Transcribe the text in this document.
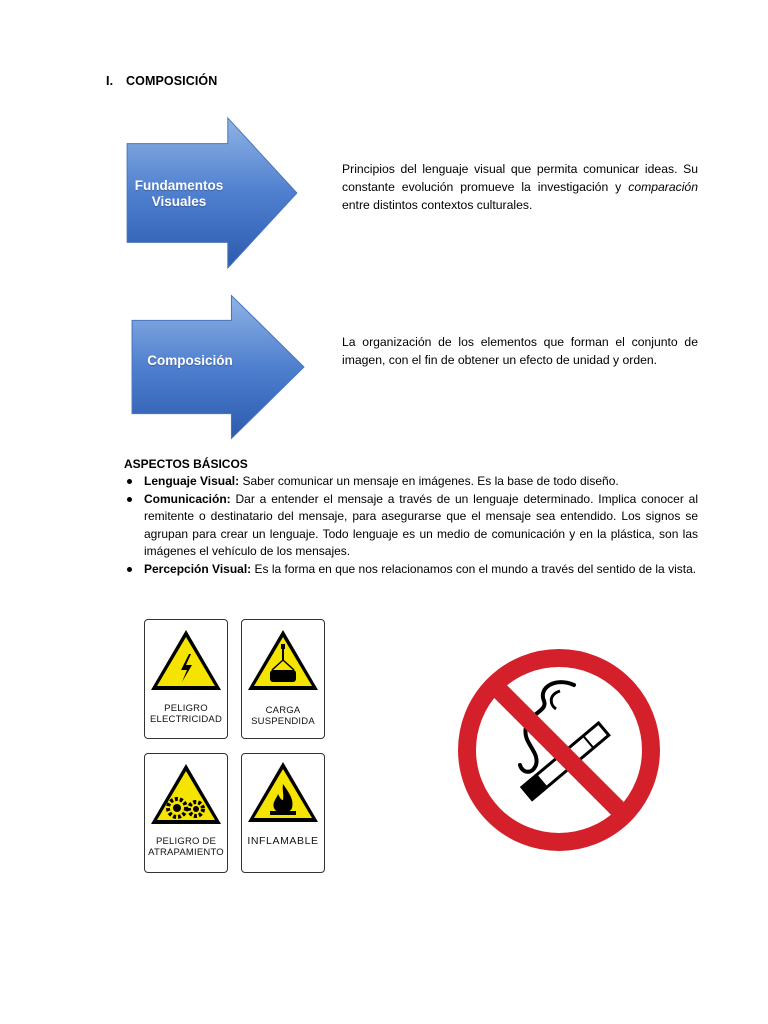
I. COMPOSICIÓN
Fundamentos
Visuales
Principios del lenguaje visual que permita comunicar ideas. Su constante evolución promueve la investigación y comparación entre distintos contextos culturales.
Composición
La organización de los elementos que forman el conjunto de imagen, con el fin de obtener un efecto de unidad y orden.
ASPECTOS BÁSICOS
Lenguaje Visual: Saber comunicar un mensaje en imágenes. Es la base de todo diseño.
Comunicación: Dar a entender el mensaje a través de un lenguaje determinado. Implica conocer al remitente o destinatario del mensaje, para asegurarse que el mensaje sea entendido. Los signos se agrupan para crear un lenguaje. Todo lenguaje es un medio de comunicación y en la plástica, son las imágenes el vehículo de los mensajes.
Percepción Visual: Es la forma en que nos relacionamos con el mundo a través del sentido de la vista.
PELIGRO
ELECTRICIDAD
CARGA
SUSPENDIDA
PELIGRO DE
ATRAPAMIENTO
INFLAMABLE
